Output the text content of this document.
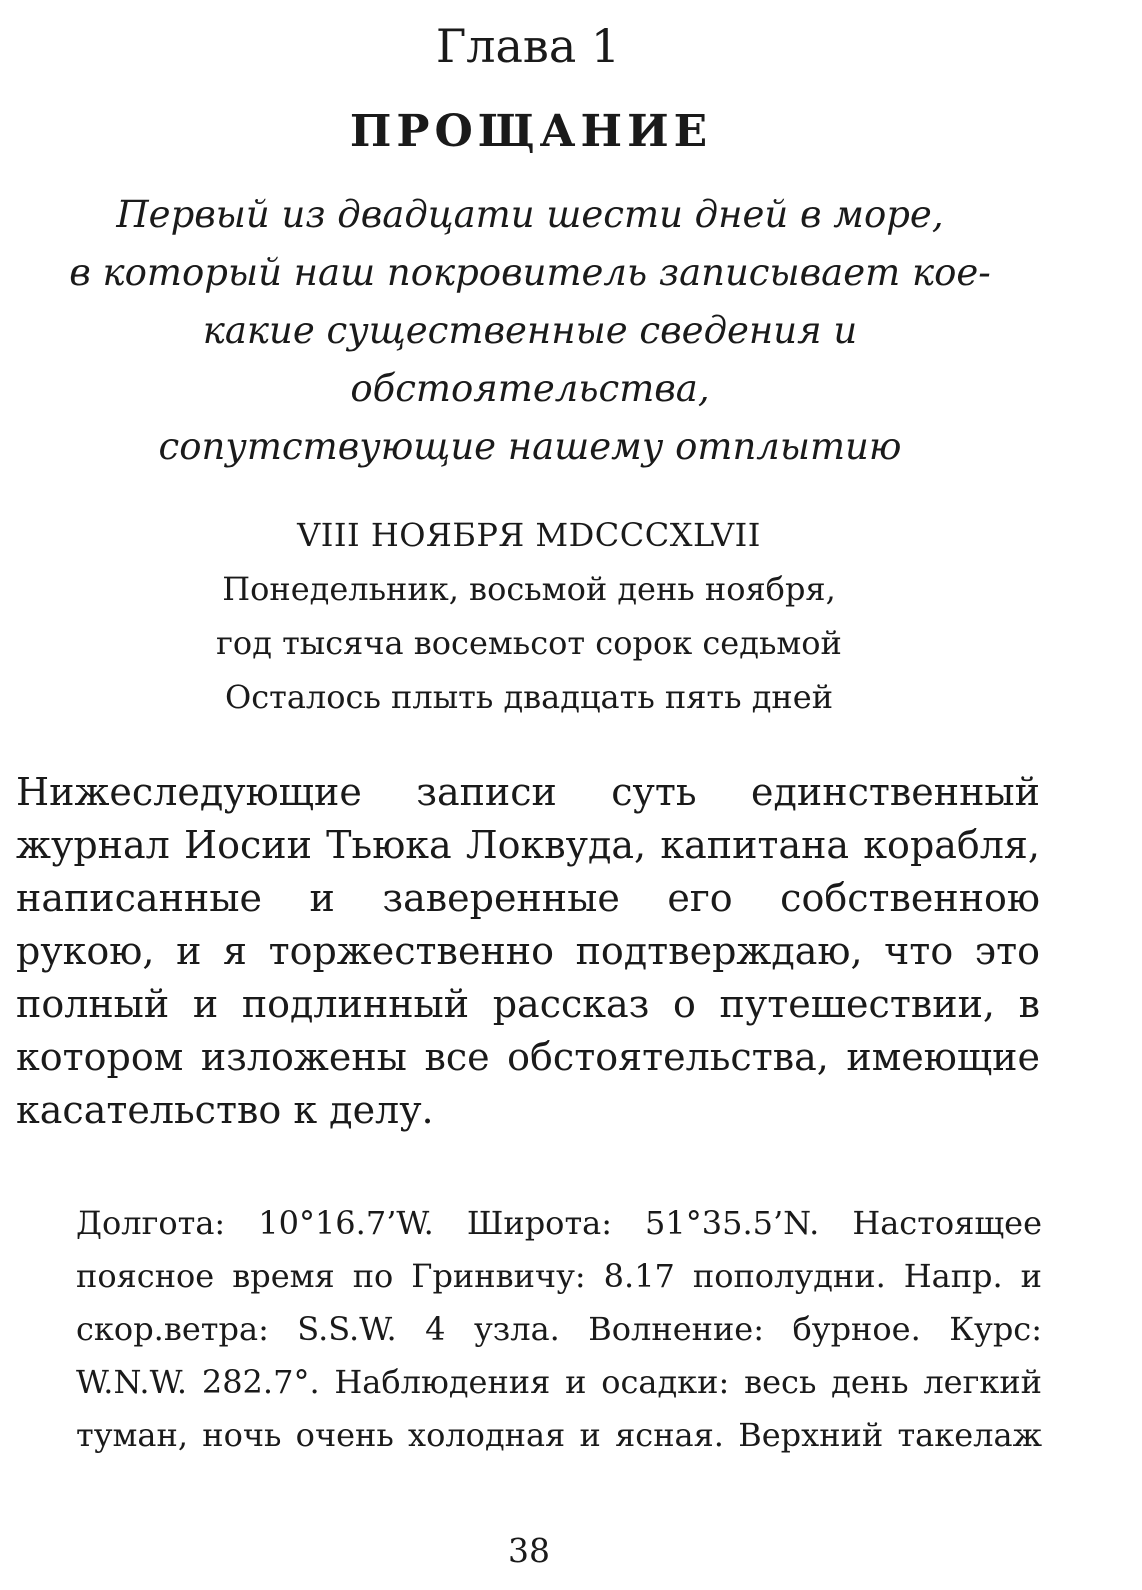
Глава 1
ПРОЩАНИЕ

Первый из двадцати шести дней в море,
в который наш покровитель записывает кое-
какие существенные сведения и обстоятельства,
сопутствующие нашему отплытию

VIII НОЯБРЯ MDCCCXLVII
Понедельник, восьмой день ноября,
год тысяча восемьсот сорок седьмой
Осталось плыть двадцать пять дней

Нижеследующие записи суть единственный журнал Иосии Тьюка Локвуда, капитана корабля, написанные и заверенные его собственною рукою, и я торжественно подтверждаю, что это полный и подлинный рассказ о путешествии, в котором изложены все обстоятельства, имеющие касательство к делу.

Долгота: 10°16.7’W. Широта: 51°35.5’N. Настоящее поясное время по Гринвичу: 8.17 пополудни. Напр. и скор.ветра: S.S.W. 4 узла. Волнение: бурное. Курс: W.N.W. 282.7°. Наблюдения и осадки: весь день легкий туман, ночь очень холодная и ясная. Верхний такелаж

38
